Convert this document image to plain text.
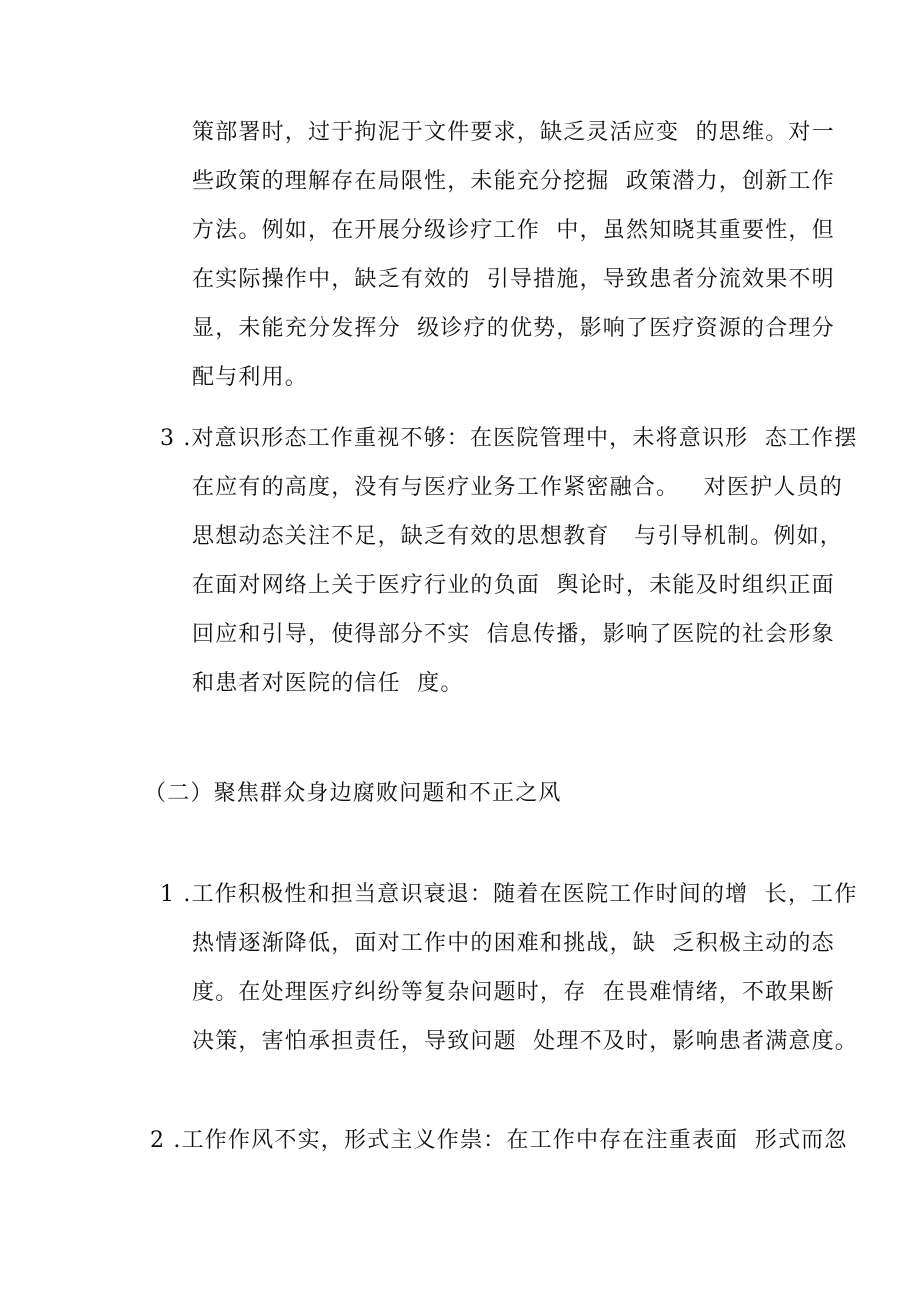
策部署时，过于拘泥于文件要求，缺乏灵活应变  的思维。对一
些政策的理解存在局限性，未能充分挖掘  政策潜力，创新工作
方法。例如，在开展分级诊疗工作  中，虽然知晓其重要性，但
在实际操作中，缺乏有效的  引导措施，导致患者分流效果不明
显，未能充分发挥分  级诊疗的优势，影响了医疗资源的合理分
配与利用。
3 .对意识形态工作重视不够：在医院管理中，未将意识形  态工作摆
在应有的高度，没有与医疗业务工作紧密融合。   对医护人员的
思想动态关注不足，缺乏有效的思想教育   与引导机制。例如，
在面对网络上关于医疗行业的负面  舆论时，未能及时组织正面
回应和引导，使得部分不实  信息传播，影响了医院的社会形象
和患者对医院的信任  度。
（二）聚焦群众身边腐败问题和不正之风
1 .工作积极性和担当意识衰退：随着在医院工作时间的增  长，工作
热情逐渐降低，面对工作中的困难和挑战，缺  乏积极主动的态
度。在处理医疗纠纷等复杂问题时，存  在畏难情绪，不敢果断
决策，害怕承担责任，导致问题  处理不及时，影响患者满意度。
2 .工作作风不实，形式主义作祟：在工作中存在注重表面  形式而忽
